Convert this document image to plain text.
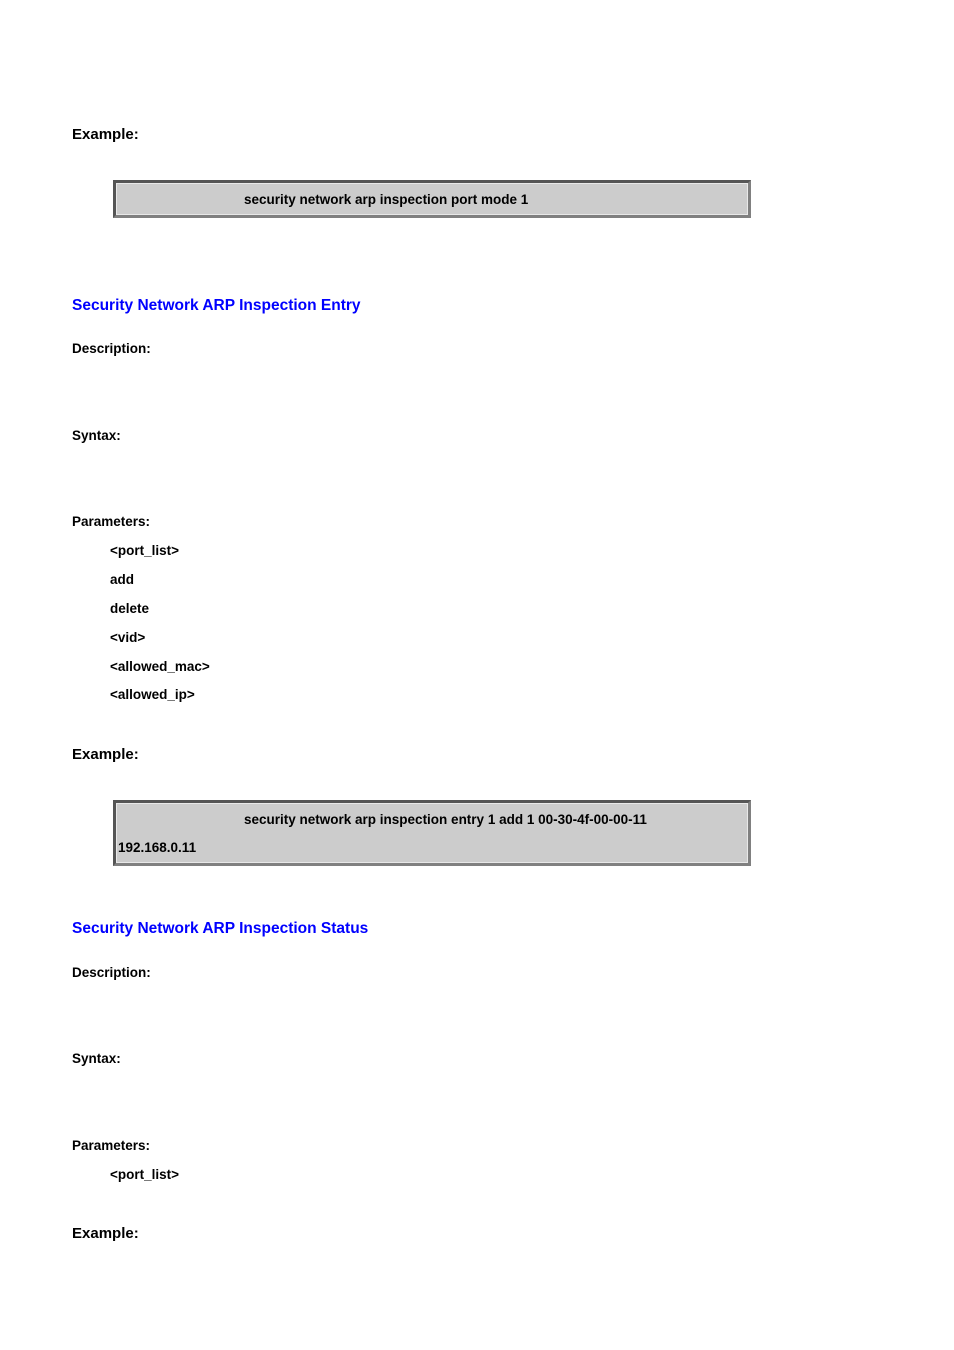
Example:
security network arp inspection port mode 1
Security Network ARP Inspection Entry
Description:
Syntax:
Parameters:
<port_list>
add
delete
<vid>
<allowed_mac>
<allowed_ip>
Example:
security network arp inspection entry 1 add 1 00-30-4f-00-00-11
192.168.0.11
Security Network ARP Inspection Status
Description:
Syntax:
Parameters:
<port_list>
Example:
